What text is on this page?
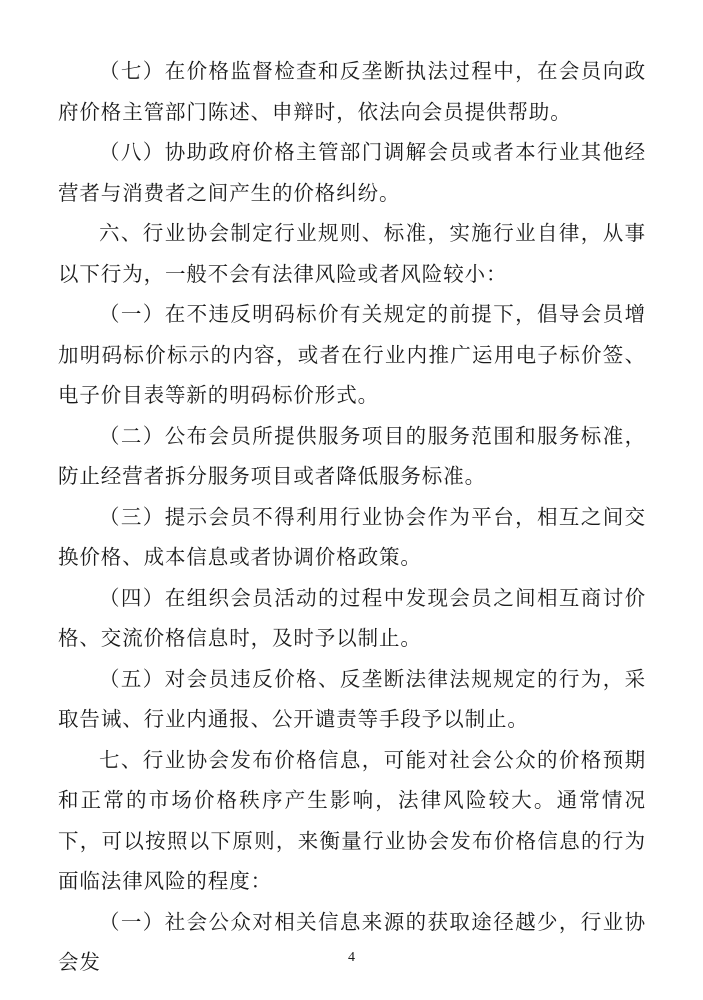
（七）在价格监督检查和反垄断执法过程中，在会员向政府价格主管部门陈述、申辩时，依法向会员提供帮助。

（八）协助政府价格主管部门调解会员或者本行业其他经营者与消费者之间产生的价格纠纷。

六、行业协会制定行业规则、标准，实施行业自律，从事以下行为，一般不会有法律风险或者风险较小：

（一）在不违反明码标价有关规定的前提下，倡导会员增加明码标价标示的内容，或者在行业内推广运用电子标价签、电子价目表等新的明码标价形式。

（二）公布会员所提供服务项目的服务范围和服务标准，防止经营者拆分服务项目或者降低服务标准。

（三）提示会员不得利用行业协会作为平台，相互之间交换价格、成本信息或者协调价格政策。

（四）在组织会员活动的过程中发现会员之间相互商讨价格、交流价格信息时，及时予以制止。

（五）对会员违反价格、反垄断法律法规规定的行为，采取告诫、行业内通报、公开谴责等手段予以制止。

七、行业协会发布价格信息，可能对社会公众的价格预期和正常的市场价格秩序产生影响，法律风险较大。通常情况下，可以按照以下原则，来衡量行业协会发布价格信息的行为面临法律风险的程度：

（一）社会公众对相关信息来源的获取途径越少，行业协会发	4
